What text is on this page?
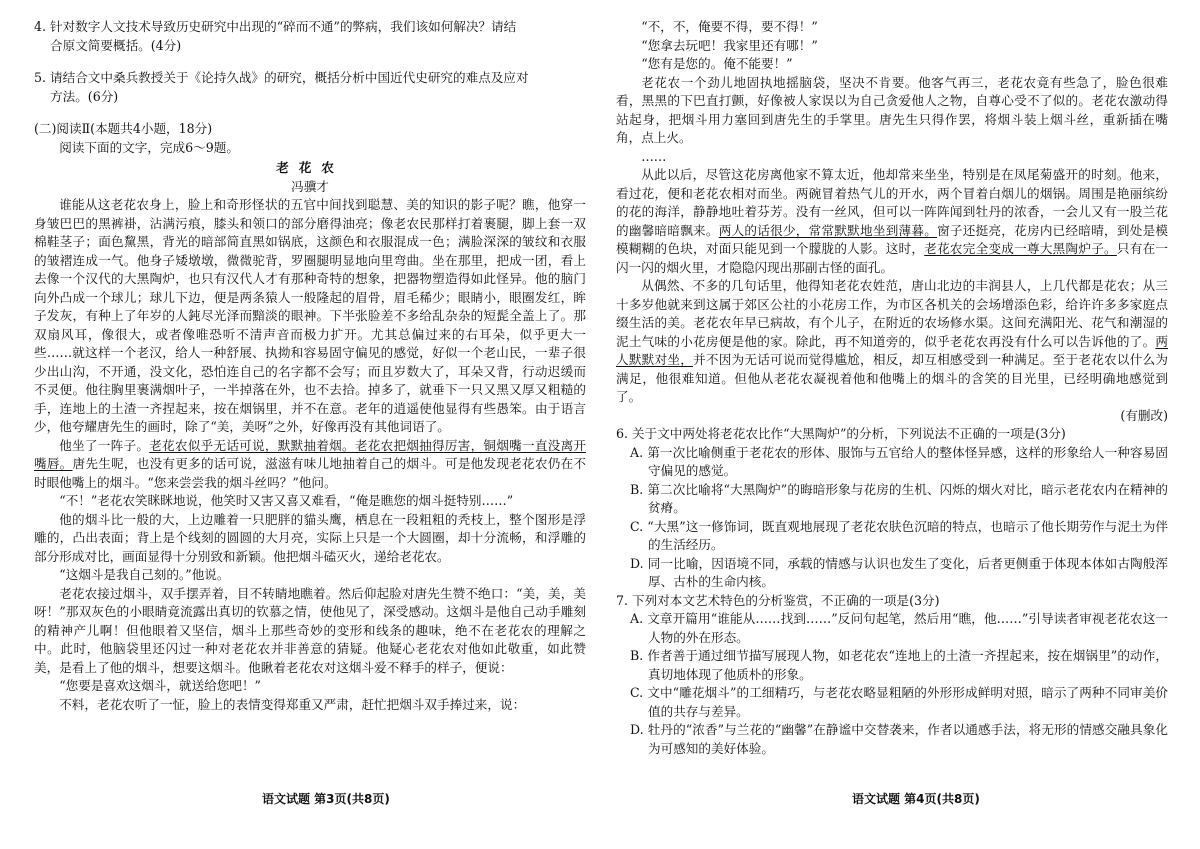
4. 针对数字人文技术导致历史研究中出现的“碎而不通”的弊病，我们该如何解决？请结

合原文简要概括。(4分)

5. 请结合文中桑兵教授关于《论持久战》的研究，概括分析中国近代史研究的难点及应对

方法。(6分)

(二)阅读Ⅱ(本题共4小题，18分)

阅读下面的文字，完成6～9题。

老花农

冯骥才

谁能从这老花农身上，脸上和奇形怪状的五官中间找到聪慧、美的知识的影子呢？瞧，他穿一身皱巴巴的黑裤褂，沾满污痕，膝头和领口的部分磨得油亮；像老农民那样打着裹腿，脚上套一双棉鞋茎子；面色黧黑，背光的暗部简直黑如锅底，这颜色和衣服混成一色；满脸深深的皱纹和衣服的皱褶连成一气。他身子矮墩墩，微微驼背，罗圈腿明显地向里弯曲。坐在那里，把成一团，看上去像一个汉代的大黑陶炉，也只有汉代人才有那种奇特的想象，把器物塑造得如此怪异。他的脑门向外凸成一个球儿；球儿下边，便是两条猿人一般隆起的眉骨，眉毛稀少；眼睛小，眼圈发红，眸子发灰，有种上了年岁的人鈍尽光泽而黯淡的眼神。下半张脸差不多给乱杂杂的短髭全盖上了。那双扇风耳，像很大，或者像唯恐听不清声音而极力扩开。尤其总偏过来的右耳朵，似乎更大一些……就这样一个老汉，给人一种舒展、执拗和容易固守偏见的感觉，好似一个老山民，一辈子很少出山沟，不开通，没文化，恐怕连自己的名字都不会写；而且岁数大了，耳朵又背，行动迟缓而不灵便。他往胸里裹满烟叶子，一半掉落在外，也不去拾。掉多了，就垂下一只又黑又厚又粗糙的手，连地上的土渣一齐捏起来，按在烟锅里，并不在意。老年的逍遥使他显得有些愚笨。由于语言少，他夸耀唐先生的画时，除了“美，美呀”之外，好像再没有其他词语了。

他坐了一阵子。老花农似乎无话可说，默默抽着烟。老花农把烟抽得厉害，铜烟嘴一直没离开嘴唇。唐先生呢，也没有更多的话可说，滋滋有味儿地抽着自己的烟斗。可是他发现老花农仍在不时眼他嘴上的烟斗。“您来尝尝我的烟斗丝吗？”他问。

“不！”老花农笑眯眯地说，他笑时又害又喜又难看，“俺是瞧您的烟斗挺特别……”

他的烟斗比一般的大，上边雕着一只肥胖的貓头鹰，栖息在一段粗粗的秃枝上，整个图形是浮雕的，凸出表面；背上是个线刻的圆圆的大月亮，实际上只是一个大圆圈，却十分流畅，和浮雕的部分形成对比，画面显得十分别致和新颖。他把烟斗磕灭火，递给老花农。

“这烟斗是我自己刻的。”他说。

老花农接过烟斗，双手摆弄着，目不转睛地瞧着。然后仰起脸对唐先生赞不绝口：“美，美，美呀！”那双灰色的小眼睛竟流露出真切的钦慕之情，使他见了，深受感动。这烟斗是他自己动手雕刻的精神产儿啊！但他眼着又坚信，烟斗上那些奇妙的变形和线条的趣味，绝不在老花农的理解之中。此时，他脑袋里还闪过一种对老花农并非善意的猜疑。他疑心老花农对他如此敬重，如此赞美，是看上了他的烟斗，想要这烟斗。他瞅着老花农对这烟斗爱不释手的样子，便说：

“您要是喜欢这烟斗，就送给您吧！”

不料，老花农听了一怔，脸上的表情变得郑重又严肃，赶忙把烟斗双手捧过来，说：

“不，不，俺要不得，要不得！”

“您拿去玩吧！我家里还有哪！”

“您有是您的。俺不能要！”

老花农一个劲儿地固执地摇脑袋，坚决不肯要。他客气再三，老花农竟有些急了，脸色很难看，黑黑的下巴直打颤，好像被人家误以为自己贪爱他人之物，自尊心受不了似的。老花农激动得站起身，把烟斗用力塞回到唐先生的手掌里。唐先生只得作罢，将烟斗装上烟斗丝，重新插在嘴角，点上火。

……

从此以后，尽管这花房离他家不算太近，他却常来坐坐，特别是在凤尾菊盛开的时刻。他来，看过花，便和老花农相对而坐。两碗冒着热气儿的开水，两个冒着白烟儿的烟锅。周围是艳丽缤纷的花的海洋，静静地吐着芬芳。没有一丝风，但可以一阵阵闻到牡丹的浓香，一会儿又有一股兰花的幽馨暗暗飘来。两人的话很少，常常默默地坐到薄暮。窗子还挺亮，花房内已经暗晴，到处是模模糊糊的色块，对面只能见到一个朦胧的人影。这时，老花农完全变成一尊大黑陶炉子。只有在一闪一闪的烟火里，才隐隐闪现出那副古怪的面孔。

从偶然、不多的几句话里，他得知老花农姓范，唐山北边的丰润县人，上几代都是花农；从三十多岁他就来到这属于郊区公社的小花房工作，为市区各机关的会场增添色彩，给许许多多家庭点缀生活的美。老花农年早已病故，有个儿子，在附近的农场修水渠。这间充满阳光、花气和潮湿的泥土气味的小花房便是他的家。除此，再不知道旁的，似乎老花农再没有什么可以告诉他的了。两人默默对坐，并不因为无话可说而觉得尴尬，相反，却互相感受到一种满足。至于老花农以什么为满足，他很难知道。但他从老花农凝视着他和他嘴上的烟斗的含笑的目光里，已经明确地感觉到了。

(有删改)

6. 关于文中两处将老花农比作“大黑陶炉”的分析，下列说法不正确的一项是(3分)

A. 第一次比喻侧重于老花农的形体、服饰与五官给人的整体怪异感，这样的形象给人一种容易固守偏见的感觉。

B. 第二次比喻将“大黑陶炉”的晦暗形象与花房的生机、闪烁的烟火对比，暗示老花农内在精神的贫瘠。

C. “大黑”这一修饰词，既直观地展现了老花农肤色沉暗的特点，也暗示了他长期劳作与泥土为伴的生活经历。

D. 同一比喻，因语境不同，承载的情感与认识也发生了变化，后者更侧重于体现本体如古陶般浑厚、古朴的生命内核。

7. 下列对本文艺术特色的分析鉴赏，不正确的一项是(3分)

A. 文章开篇用“谁能从……找到……”反问句起笔，然后用“瞧，他……”引导读者审视老花农这一人物的外在形态。

B. 作者善于通过细节描写展现人物，如老花农“连地上的土渣一齐捏起来，按在烟锅里”的动作，真切地体现了他质朴的形象。

C. 文中“雕花烟斗”的工细精巧，与老花农略显粗陋的外形形成鲜明对照，暗示了两种不同审美价值的共存与差异。

D. 牡丹的“浓香”与兰花的“幽馨”在静谧中交替袭来，作者以通感手法，将无形的情感交融具象化为可感知的美好体验。

语文试题 第3页(共8页)	语文试题 第4页(共8页)
